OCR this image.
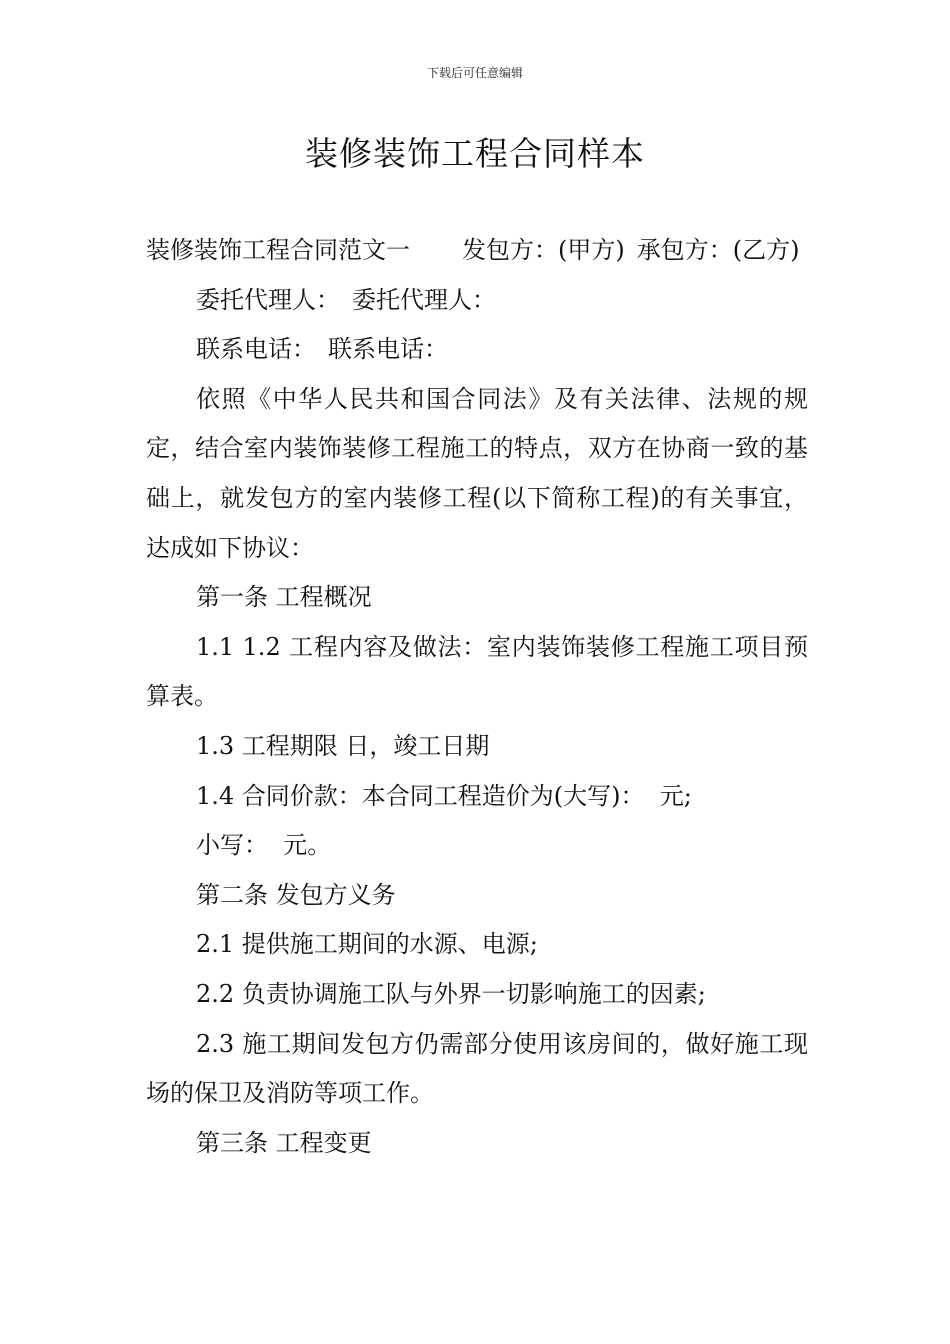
下载后可任意编辑
装修装饰工程合同样本

装修装饰工程合同范文一 发包方：(甲方) 承包方：(乙方)

委托代理人： 委托代理人：

联系电话： 联系电话：

依照《中华人民共和国合同法》及有关法律、法规的规定，结合室内装饰装修工程施工的特点，双方在协商一致的基础上，就发包方的室内装修工程(以下简称工程)的有关事宜，达成如下协议：

第一条 工程概况

1.1 1.2 工程内容及做法：室内装饰装修工程施工项目预算表。

1.3 工程期限 日，竣工日期

1.4 合同价款：本合同工程造价为(大写)：  元;

小写：  元。

第二条 发包方义务

2.1 提供施工期间的水源、电源;

2.2 负责协调施工队与外界一切影响施工的因素;

2.3 施工期间发包方仍需部分使用该房间的，做好施工现场的保卫及消防等项工作。

第三条 工程变更
